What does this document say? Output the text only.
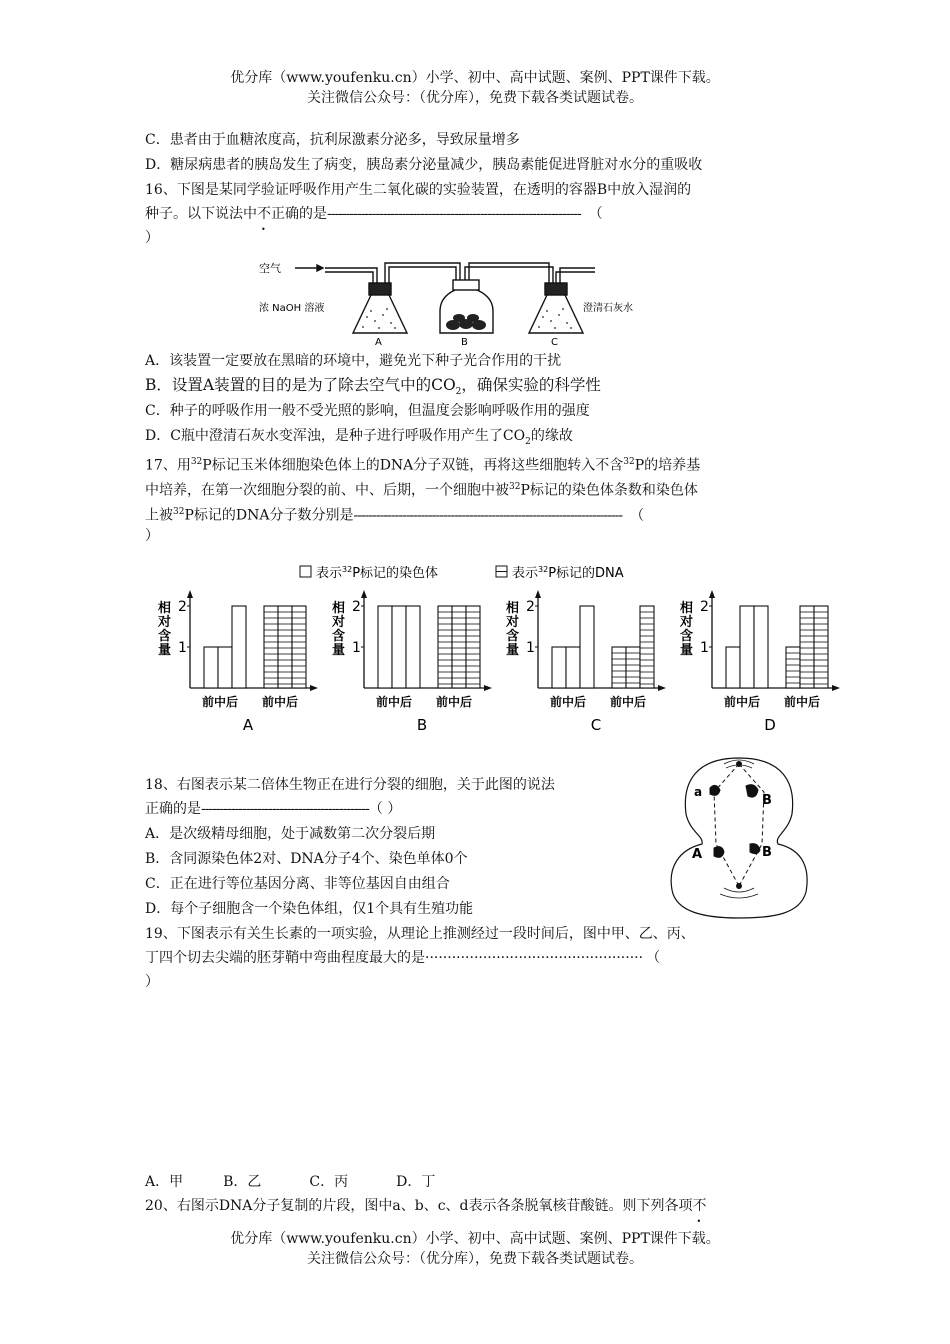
优分库（www.youfenku.cn）小学、初中、高中试题、案例、PPT课件下载。
关注微信公众号：（优分库），免费下载各类试题试卷。
C．患者由于血糖浓度高，抗利尿激素分泌多，导致尿量增多
D．糖尿病患者的胰岛发生了病变，胰岛素分泌量减少，胰岛素能促进肾脏对水分的重吸收
16、下图是某同学验证呼吸作用产生二氧化碳的实验装置，在透明的容器B中放入湿润的
种子。以下说法中不正确的是-------------------------------------------------------------------- （
）
空气
浓 NaOH 溶液	澄清石灰水
A	B	C
A．该装置一定要放在黑暗的环境中，避免光下种子光合作用的干扰
B．设置A装置的目的是为了除去空气中的$CO_2$，确保实验的科学性
C．种子的呼吸作用一般不受光照的影响，但温度会影响呼吸作用的强度
D．C瓶中澄清石灰水变浑浊，是种子进行呼吸作用产生了$CO_2$的缘故
17、用$^{32}$P标记玉米体细胞染色体上的DNA分子双链，再将这些细胞转入不含$^{32}$P的培养基
中培养，在第一次细胞分裂的前、中、后期，一个细胞中被$^{32}$P标记的染色体条数和染色体
上被$^{32}$P标记的DNA分子数分别是------------------------------------------------------------------------ （
）
表示$^{32}$P标记的染色体	表示$^{32}$P标记的DNA
相
对
含
量
2
1
前中后 前中后
A
相
对
含
量
2
1
前中后 前中后
B
相
对
含
量
2
1
前中后 前中后
C
相
对
含
量
2
1
前中后 前中后
D
18、右图表示某二倍体生物正在进行分裂的细胞，关于此图的说法
正确的是---------------------------------------------（ ）
A．是次级精母细胞，处于减数第二次分裂后期
B．含同源染色体2对、DNA分子4个、染色单体0个
C．正在进行等位基因分离、非等位基因自由组合
D．每个子细胞含一个染色体组，仅1个具有生殖功能
a
B
A	B
19、下图表示有关生长素的一项实验，从理论上推测经过一段时间后，图中甲、乙、丙、
丁四个切去尖端的胚芽鞘中弯曲程度最大的是················································· （
）
A．甲	B．乙	C．丙	D．丁
20、右图示DNA分子复制的片段，图中a、b、c、d表示各条脱氧核苷酸链。则下列各项不
优分库（www.youfenku.cn）小学、初中、高中试题、案例、PPT课件下载。
关注微信公众号：（优分库），免费下载各类试题试卷。
